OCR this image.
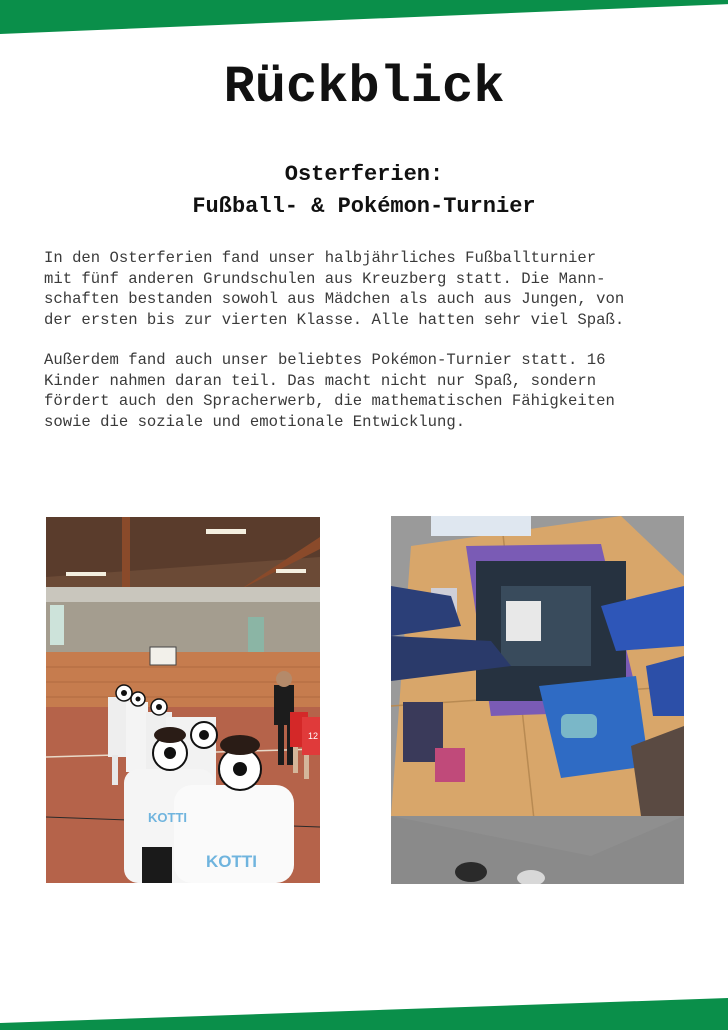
Rückblick
Osterferien:
Fußball- & Pokémon-Turnier
In den Osterferien fand unser halbjährliches Fußballturnier
mit fünf anderen Grundschulen aus Kreuzberg statt. Die Mann-
schaften bestanden sowohl aus Mädchen als auch aus Jungen, von
der ersten bis zur vierten Klasse. Alle hatten sehr viel Spaß.
Außerdem fand auch unser beliebtes Pokémon-Turnier statt. 16
Kinder nahmen daran teil. Das macht nicht nur Spaß, sondern
fördert auch den Spracherwerb, die mathematischen Fähigkeiten
sowie die soziale und emotionale Entwicklung.
12
KOTTI
KOTTI
